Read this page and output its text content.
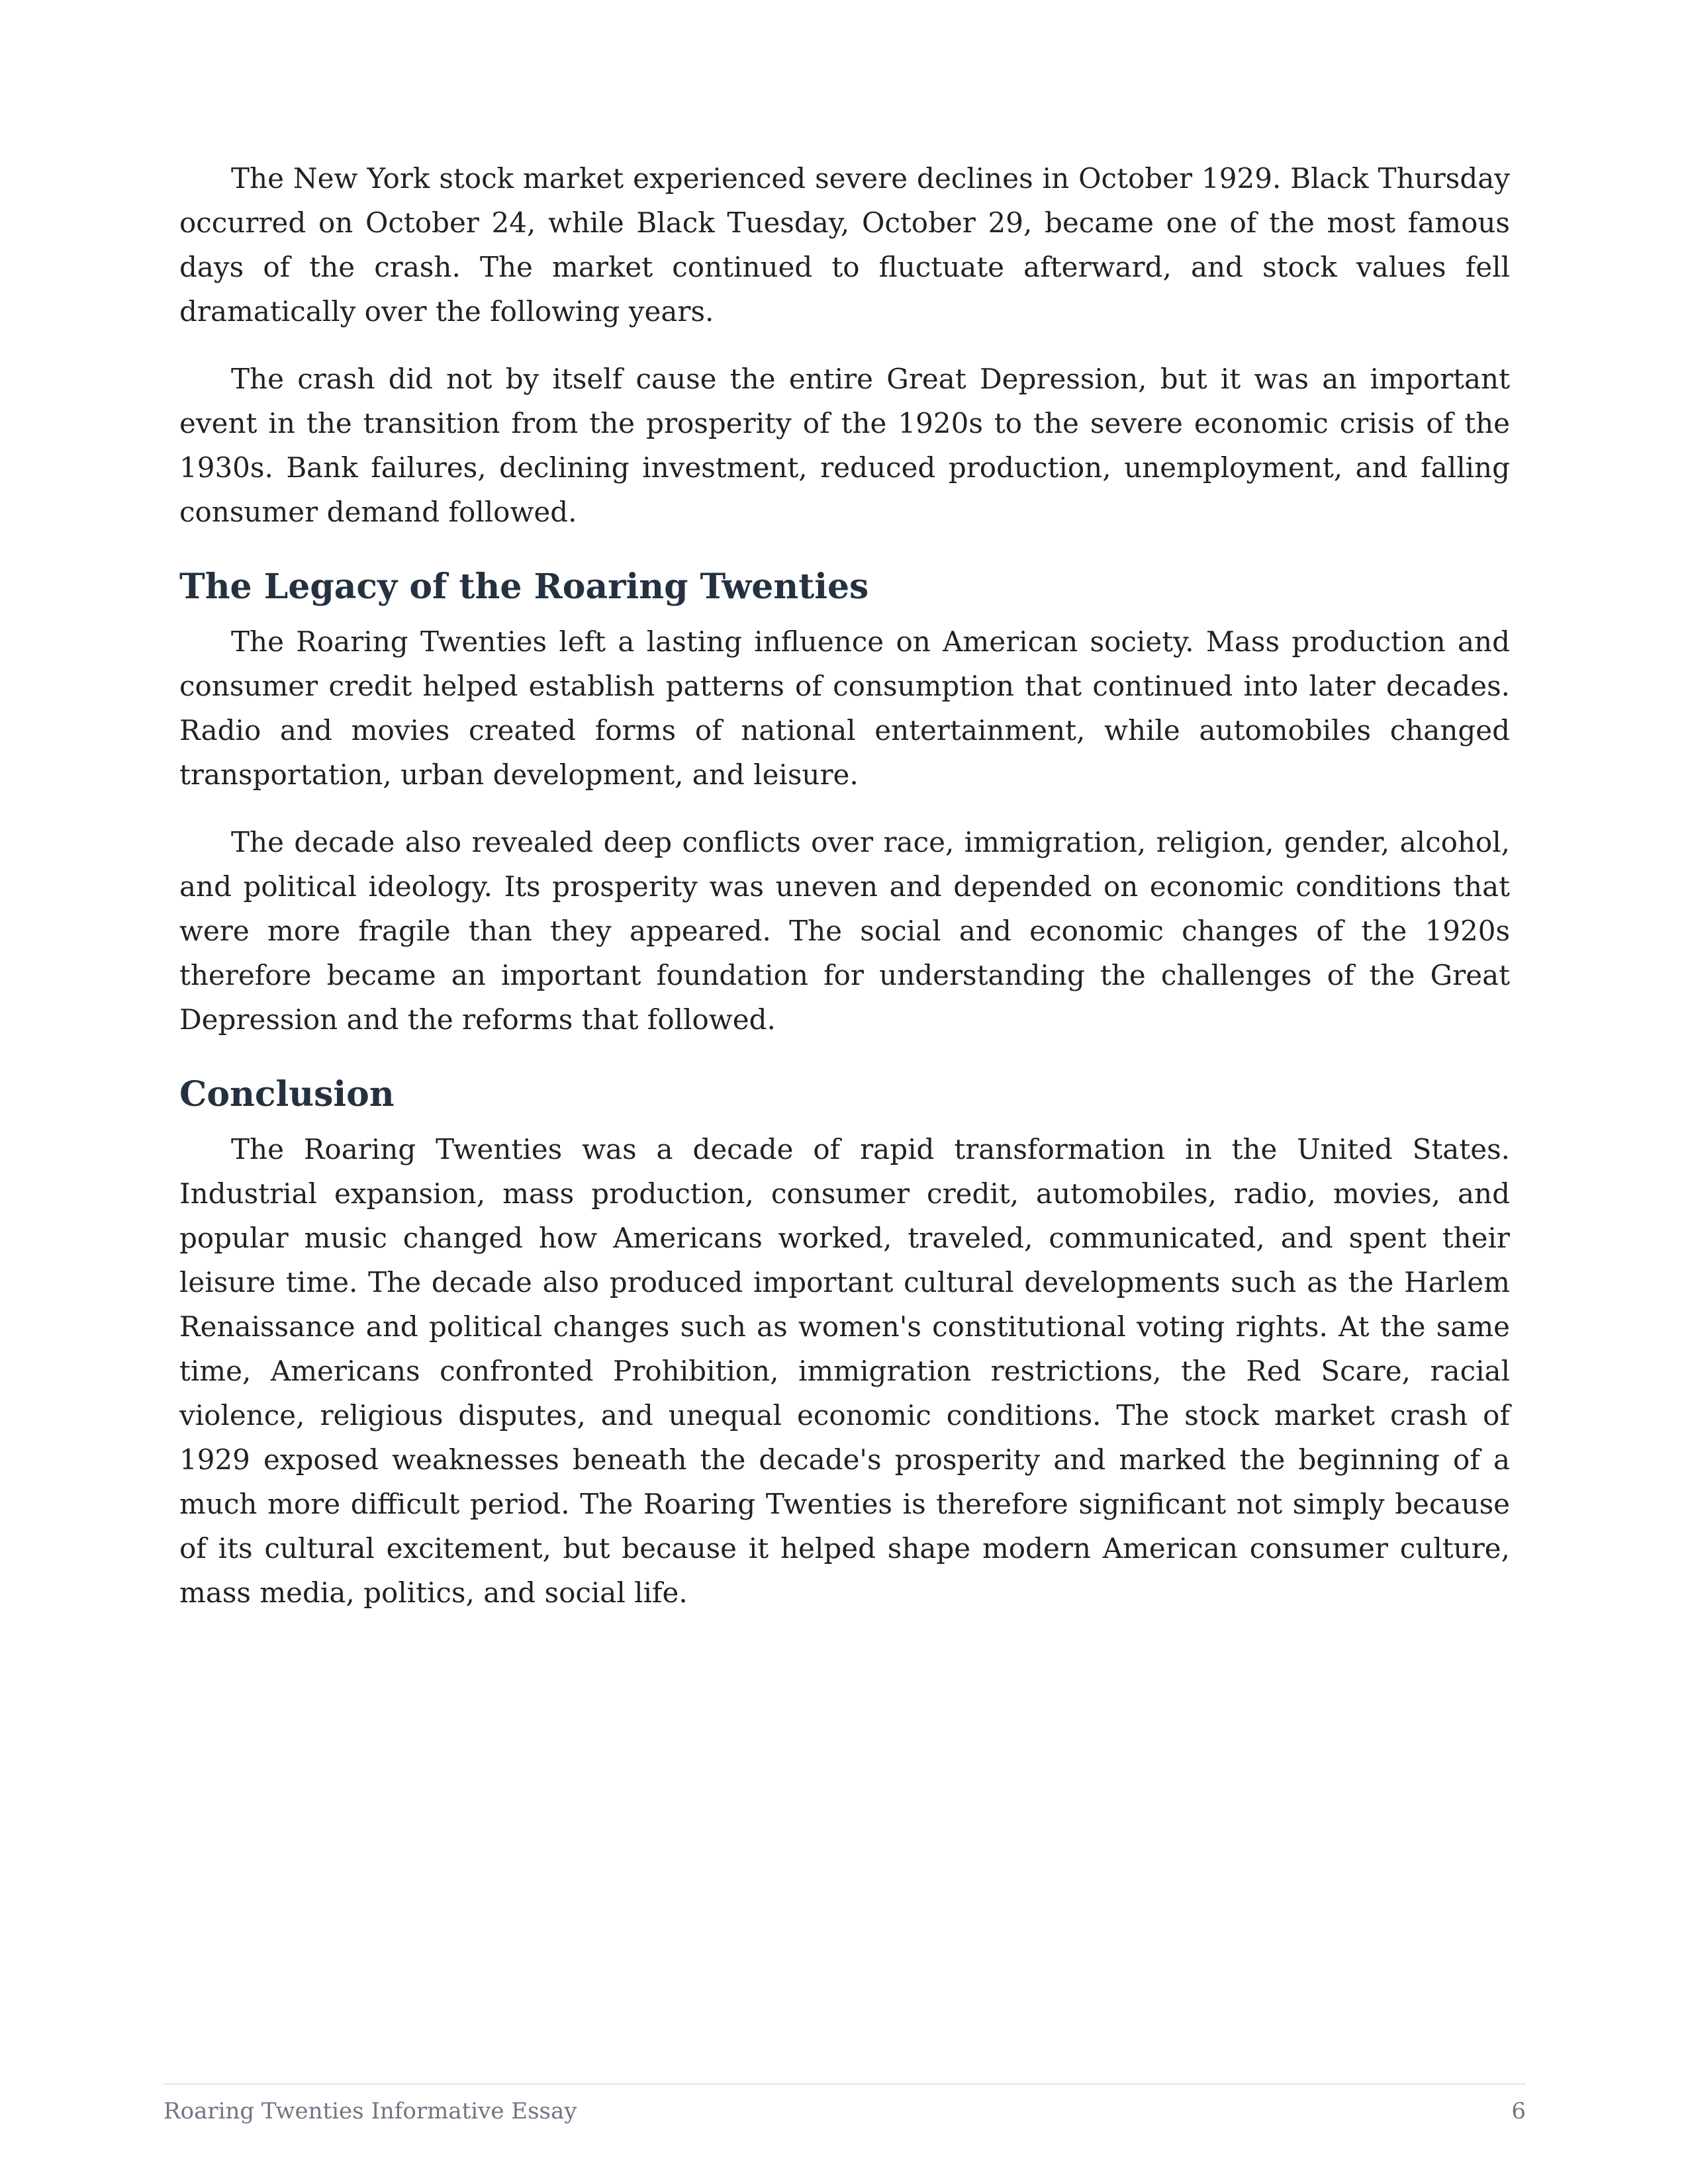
The New York stock market experienced severe declines in October 1929. Black Thursday occurred on October 24, while Black Tuesday, October 29, became one of the most famous days of the crash. The market continued to fluctuate afterward, and stock values fell dramatically over the following years.

The crash did not by itself cause the entire Great Depression, but it was an important event in the transition from the prosperity of the 1920s to the severe economic crisis of the 1930s. Bank failures, declining investment, reduced production, unemployment, and falling consumer demand followed.

The Legacy of the Roaring Twenties

The Roaring Twenties left a lasting influence on American society. Mass production and consumer credit helped establish patterns of consumption that continued into later decades. Radio and movies created forms of national entertainment, while automobiles changed transportation, urban development, and leisure.

The decade also revealed deep conflicts over race, immigration, religion, gender, alcohol, and political ideology. Its prosperity was uneven and depended on economic conditions that were more fragile than they appeared. The social and economic changes of the 1920s therefore became an important foundation for understanding the challenges of the Great Depression and the reforms that followed.

Conclusion

The Roaring Twenties was a decade of rapid transformation in the United States. Industrial expansion, mass production, consumer credit, automobiles, radio, movies, and popular music changed how Americans worked, traveled, communicated, and spent their leisure time. The decade also produced important cultural developments such as the Harlem Renaissance and political changes such as women's constitutional voting rights. At the same time, Americans confronted Prohibition, immigration restrictions, the Red Scare, racial violence, religious disputes, and unequal economic conditions. The stock market crash of 1929 exposed weaknesses beneath the decade's prosperity and marked the beginning of a much more difficult period. The Roaring Twenties is therefore significant not simply because of its cultural excitement, but because it helped shape modern American consumer culture, mass media, politics, and social life.

Roaring Twenties Informative Essay	6
